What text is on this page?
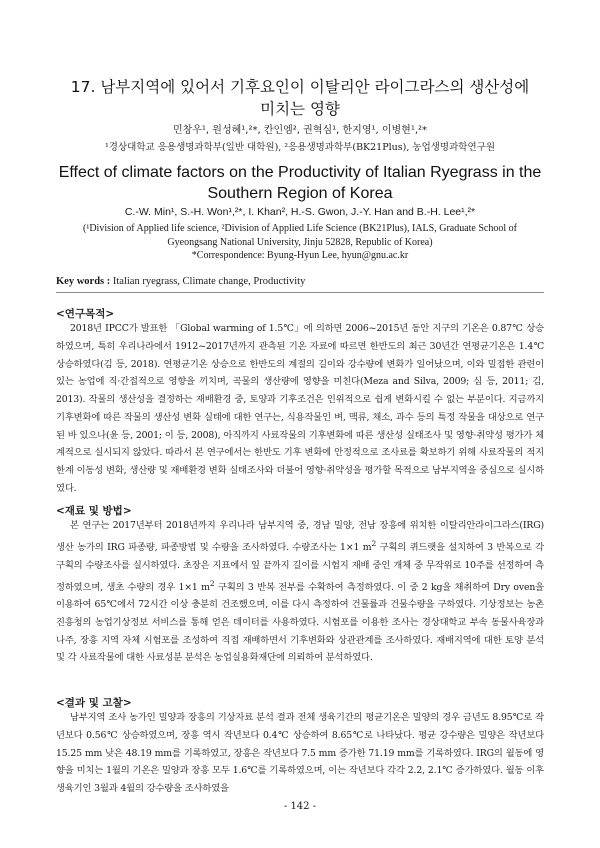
17. 남부지역에 있어서 기후요인이 이탈리안 라이그라스의 생산성에
미치는 영향
민창우¹, 원성혜¹,²*, 칸인엠², 권혁심¹, 한지영¹, 이병현¹,²*
¹경상대학교 응용생명과학부(일반 대학원), ²응용생명과학부(BK21Plus), 농업생명과학연구원
Effect of climate factors on the Productivity of Italian Ryegrass in the
Southern Region of Korea
C.-W. Min¹, S.-H. Won¹,²*, I. Khan², H.-S. Gwon, J.-Y. Han and B.-H. Lee¹,²*
(¹Division of Applied life science, ²Division of Applied Life Science (BK21Plus), IALS, Graduate School of
Gyeongsang National University, Jinju 52828, Republic of Korea)
*Correspondence: Byung-Hyun Lee, hyun@gnu.ac.kr
Key words : Italian ryegrass, Climate change, Productivity
<연구목적>

2018년 IPCC가 발표한 「Global warming of 1.5℃」에 의하면 2006~2015년 동안 지구의 기온은 0.87℃ 상승하였으며, 특히 우리나라에서 1912~2017년까지 관측된 기온 자료에 따르면 한반도의 최근 30년간 연평균기온은 1.4℃ 상승하였다(김 등, 2018). 연평균기온 상승으로 한반도의 계절의 길이와 강수량에 변화가 일어났으며, 이와 밀접한 관련이 있는 농업에 직·간접적으로 영향을 끼치며, 곡물의 생산량에 영향을 미친다(Meza and Silva, 2009; 심 등, 2011; 김, 2013). 작물의 생산성을 결정하는 재배환경 중, 토양과 기후조건은 인위적으로 쉽게 변화시킬 수 없는 부분이다. 지금까지 기후변화에 따른 작물의 생산성 변화 실태에 대한 연구는, 식용작물인 벼, 맥류, 채소, 과수 등의 특정 작물을 대상으로 연구된 바 있으나(윤 등, 2001; 이 등, 2008), 아직까지 사료작물의 기후변화에 따른 생산성 실태조사 및 영향·취약성 평가가 체계적으로 실시되지 않았다. 따라서 본 연구에서는 한반도 기후 변화에 안정적으로 조사료를 확보하기 위해 사료작물의 적지 한계 이동성 변화, 생산량 및 재배환경 변화 실태조사와 더불어 영향·취약성을 평가할 목적으로 남부지역을 중심으로 실시하였다.

<재료 및 방법>

본 연구는 2017년부터 2018년까지 우리나라 남부지역 중, 경남 밀양, 전남 장흥에 위치한 이탈리안라이그라스(IRG) 생산 농가의 IRG 파종량, 파종방법 및 수량을 조사하였다. 수량조사는 1×1 $m^2$ 구획의 퀴드랫을 설치하여 3 반복으로 각 구획의 수량조사를 실시하였다. 초장은 지표에서 잎 끝까지 길이를 시험지 재배 중인 개체 중 무작위로 10주를 선정하여 측정하였으며, 생초 수량의 경우 1×1 $m^2$ 구획의 3 반복 전부를 수확하여 측정하였다. 이 중 2 kg을 채취하여 Dry oven을 이용하여 65℃에서 72시간 이상 충분히 건조했으며, 이를 다시 측정하여 건물률과 건물수량을 구하였다. 기상정보는 농촌진흥청의 농업기상정보 서비스를 통해 얻은 데이터를 사용하였다. 시험포를 이용한 조사는 경상대학교 부속 동물사육장과 나주, 장흥 지역 자체 시험포를 조성하여 직접 재배하면서 기후변화와 상관관계를 조사하였다. 재배지역에 대한 토양 분석 및 각 사료작물에 대한 사료성분 분석은 농업실용화재단에 의뢰하여 분석하였다.

<결과 및 고찰>

남부지역 조사 농가인 밀양과 장흥의 기상자료 분석 결과 전체 생육기간의 평균기온은 밀양의 경우 금년도 8.95℃로 작년보다 0.56℃ 상승하였으며, 장흥 역시 작년보다 0.4℃ 상승하여 8.65℃로 나타났다. 평균 강수량은 밀양은 작년보다 15.25 mm 낮은 48.19 mm를 기록하였고, 장흥은 작년보다 7.5 mm 증가한 71.19 mm를 기록하였다. IRG의 월동에 영향을 미치는 1월의 기온은 밀양과 장흥 모두 1.6℃를 기록하였으며, 이는 작년보다 각각 2.2, 2.1℃ 증가하였다. 월동 이후 생육기인 3월과 4월의 강수량을 조사하였을

- 142 -
